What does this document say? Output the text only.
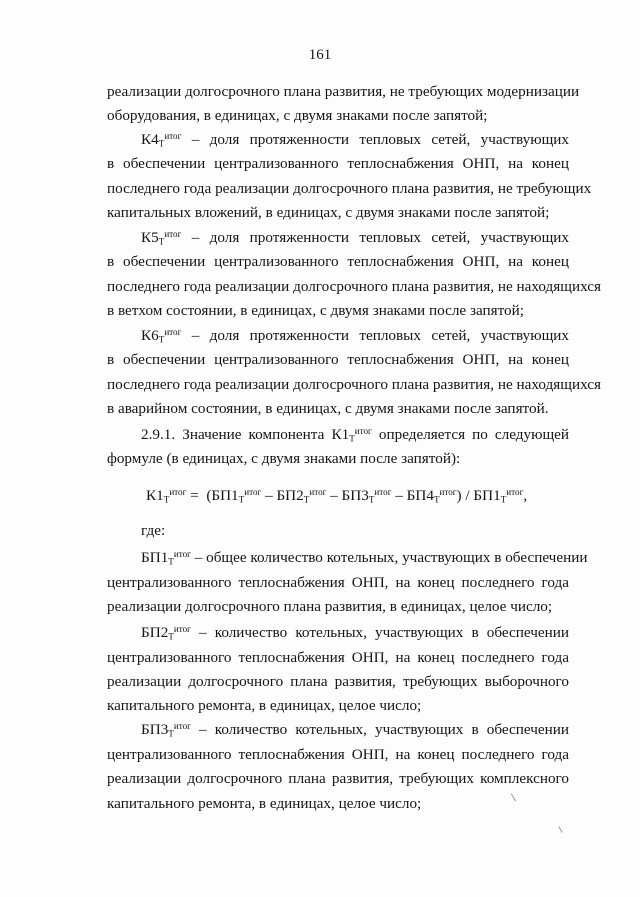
161
реализации долгосрочного плана развития, не требующих модернизации
оборудования, в единицах, с двумя знаками после запятой;
$К4_Т^{итог}$ – доля протяженности тепловых сетей, участвующих
в обеспечении централизованного теплоснабжения ОНП, на конец
последнего года реализации долгосрочного плана развития, не требующих
капитальных вложений, в единицах, с двумя знаками после запятой;
$К5_Т^{итог}$ – доля протяженности тепловых сетей, участвующих
в обеспечении централизованного теплоснабжения ОНП, на конец
последнего года реализации долгосрочного плана развития, не находящихся
в ветхом состоянии, в единицах, с двумя знаками после запятой;
$К6_Т^{итог}$ – доля протяженности тепловых сетей, участвующих
в обеспечении централизованного теплоснабжения ОНП, на конец
последнего года реализации долгосрочного плана развития, не находящихся
в аварийном состоянии, в единицах, с двумя знаками после запятой.
2.9.1. Значение компонента $К1_Т^{итог}$ определяется по следующей
формуле (в единицах, с двумя знаками после запятой):
$К1_Т^{итог} = (БП1_Т^{итог} - БП2_Т^{итог} - БП3_Т^{итог} - БП4_Т^{итог}) / БП1_Т^{итог}$,
где:
$БП1_Т^{итог}$ – общее количество котельных, участвующих в обеспечении
централизованного теплоснабжения ОНП, на конец последнего года
реализации долгосрочного плана развития, в единицах, целое число;
$БП2_Т^{итог}$ – количество котельных, участвующих в обеспечении
централизованного теплоснабжения ОНП, на конец последнего года
реализации долгосрочного плана развития, требующих выборочного
капитального ремонта, в единицах, целое число;
$БП3_Т^{итог}$ – количество котельных, участвующих в обеспечении
централизованного теплоснабжения ОНП, на конец последнего года
реализации долгосрочного плана развития, требующих комплексного
капитального ремонта, в единицах, целое число;
